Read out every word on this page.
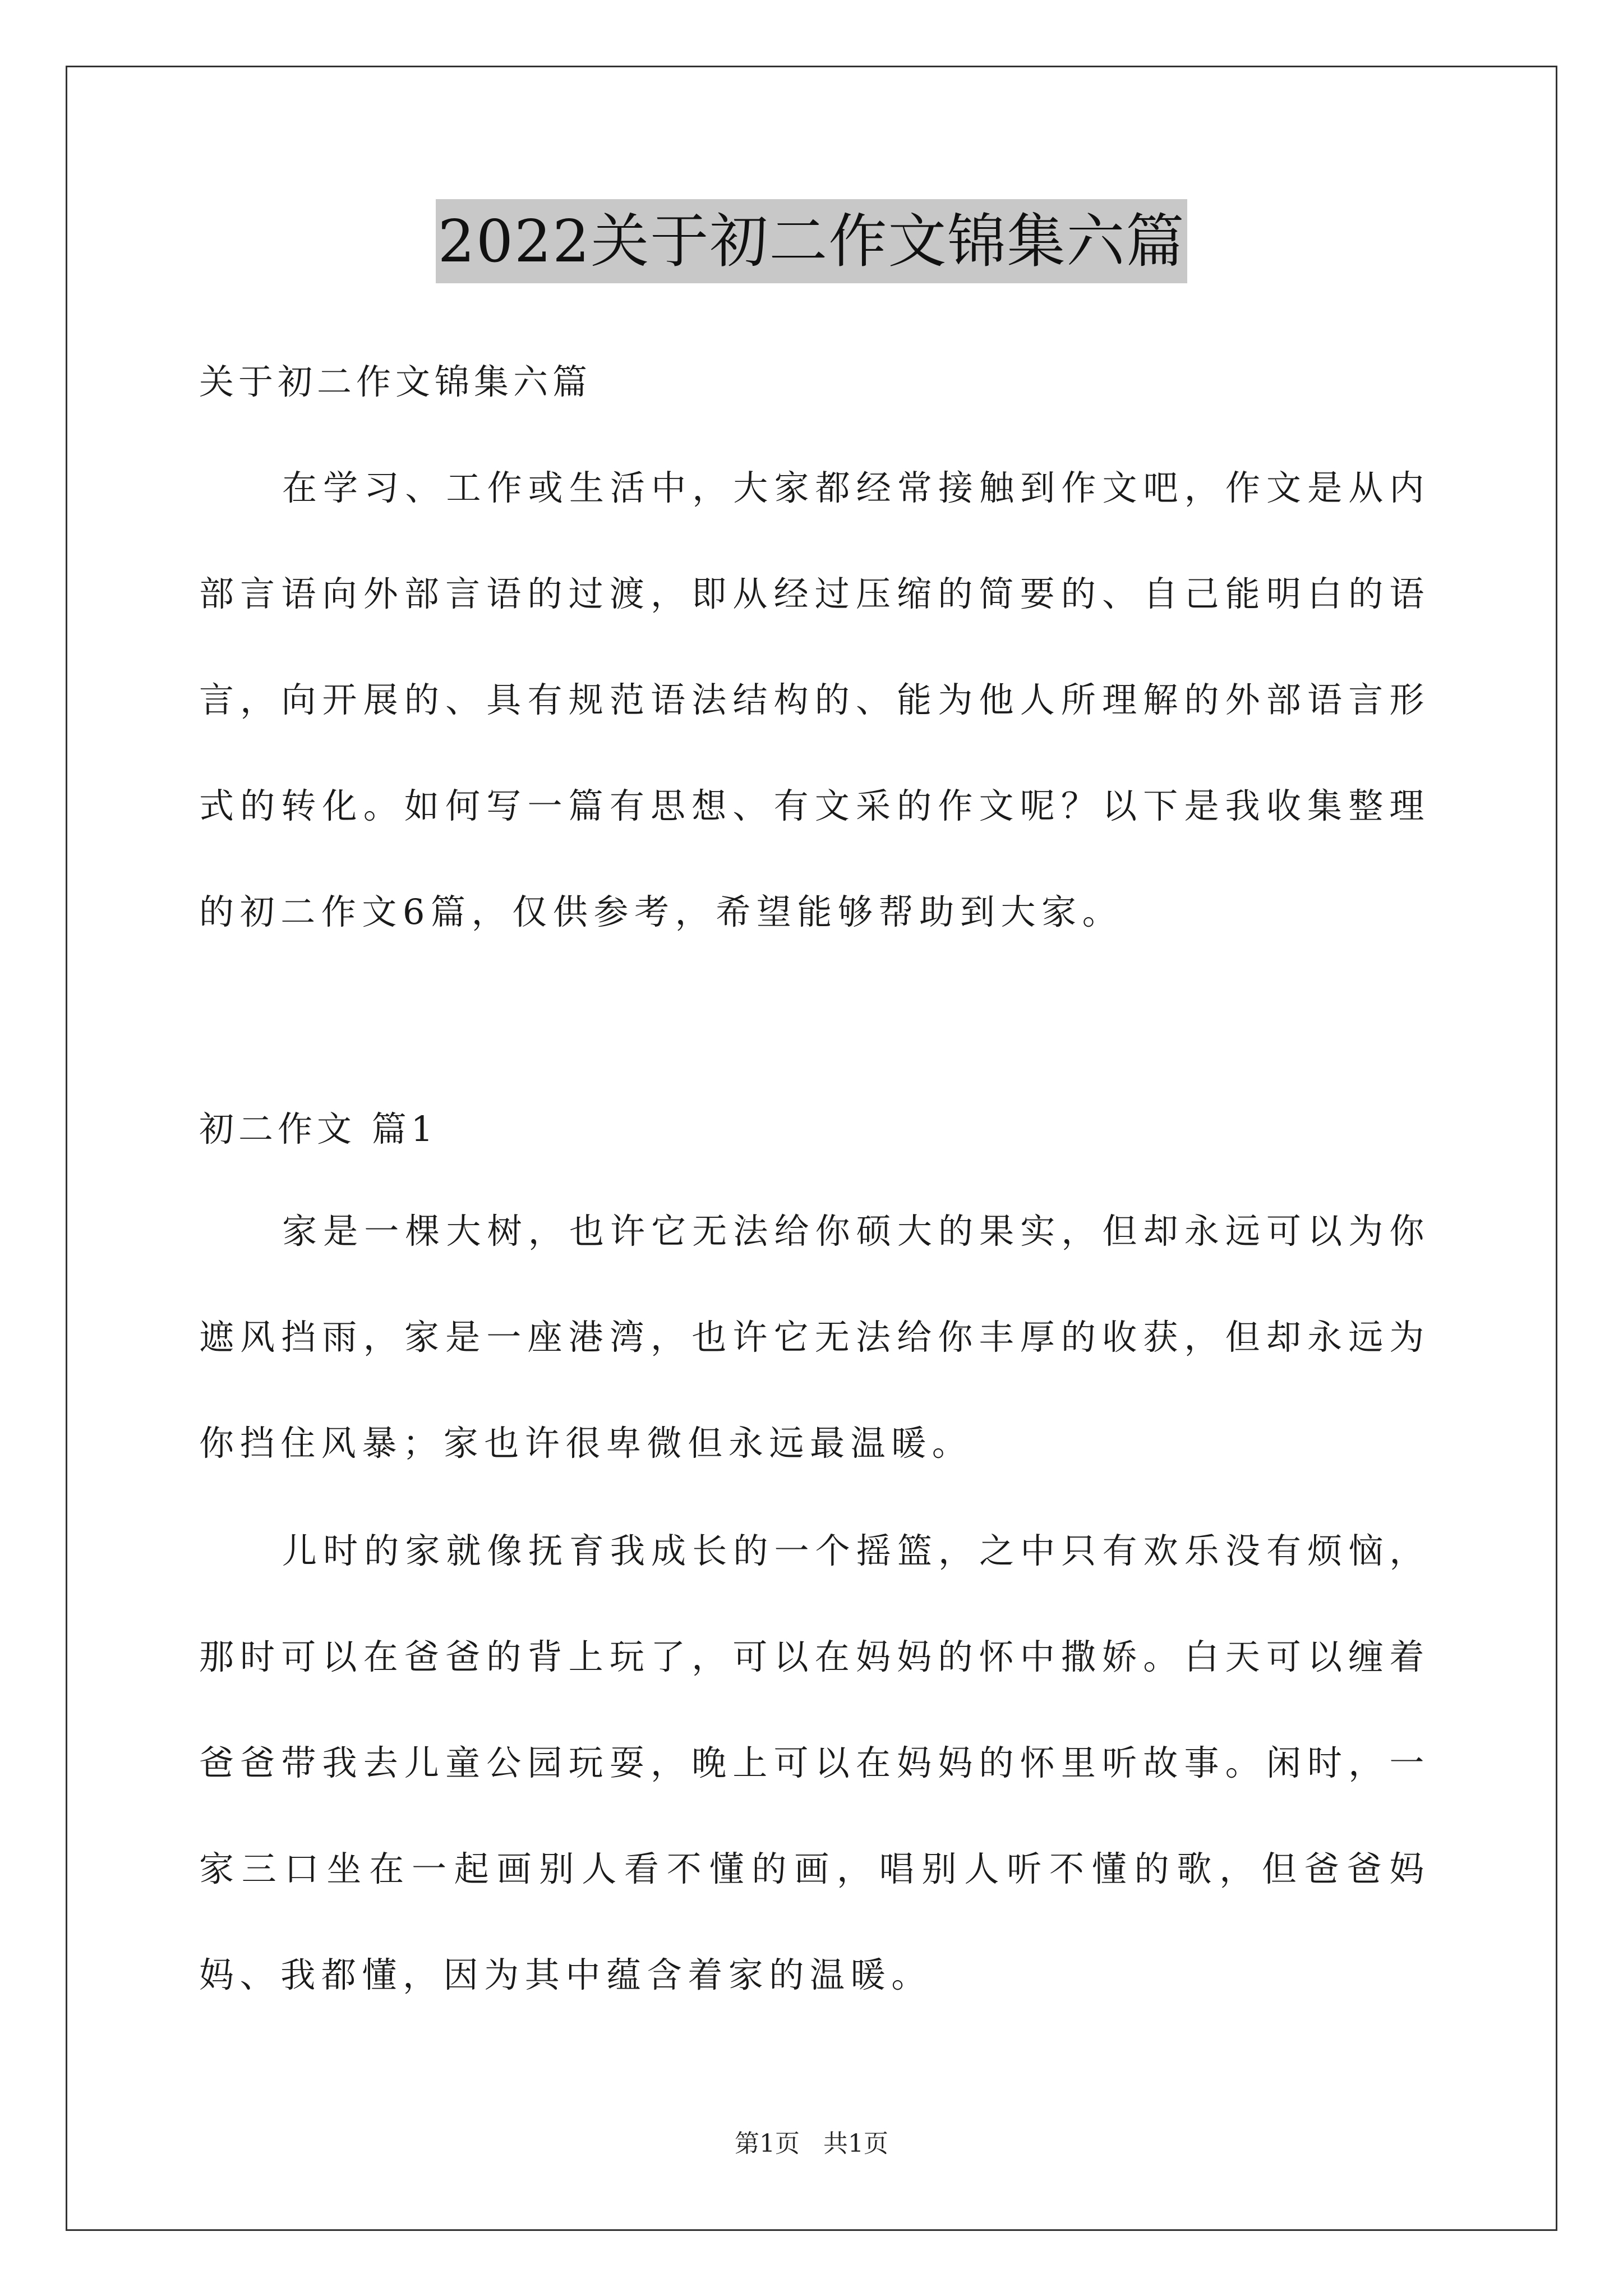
2022关于初二作文锦集六篇

关于初二作文锦集六篇

在学习、工作或生活中，大家都经常接触到作文吧，作文是从内部言语向外部言语的过渡，即从经过压缩的简要的、自己能明白的语言，向开展的、具有规范语法结构的、能为他人所理解的外部语言形式的转化。如何写一篇有思想、有文采的作文呢？以下是我收集整理的初二作文6篇，仅供参考，希望能够帮助到大家。

初二作文 篇1

家是一棵大树，也许它无法给你硕大的果实，但却永远可以为你遮风挡雨，家是一座港湾，也许它无法给你丰厚的收获，但却永远为你挡住风暴；家也许很卑微但永远最温暖。

儿时的家就像抚育我成长的一个摇篮，之中只有欢乐没有烦恼，那时可以在爸爸的背上玩了，可以在妈妈的怀中撒娇。白天可以缠着爸爸带我去儿童公园玩耍，晚上可以在妈妈的怀里听故事。闲时，一家三口坐在一起画别人看不懂的画，唱别人听不懂的歌，但爸爸妈妈、我都懂，因为其中蕴含着家的温暖。

第1页 共1页
